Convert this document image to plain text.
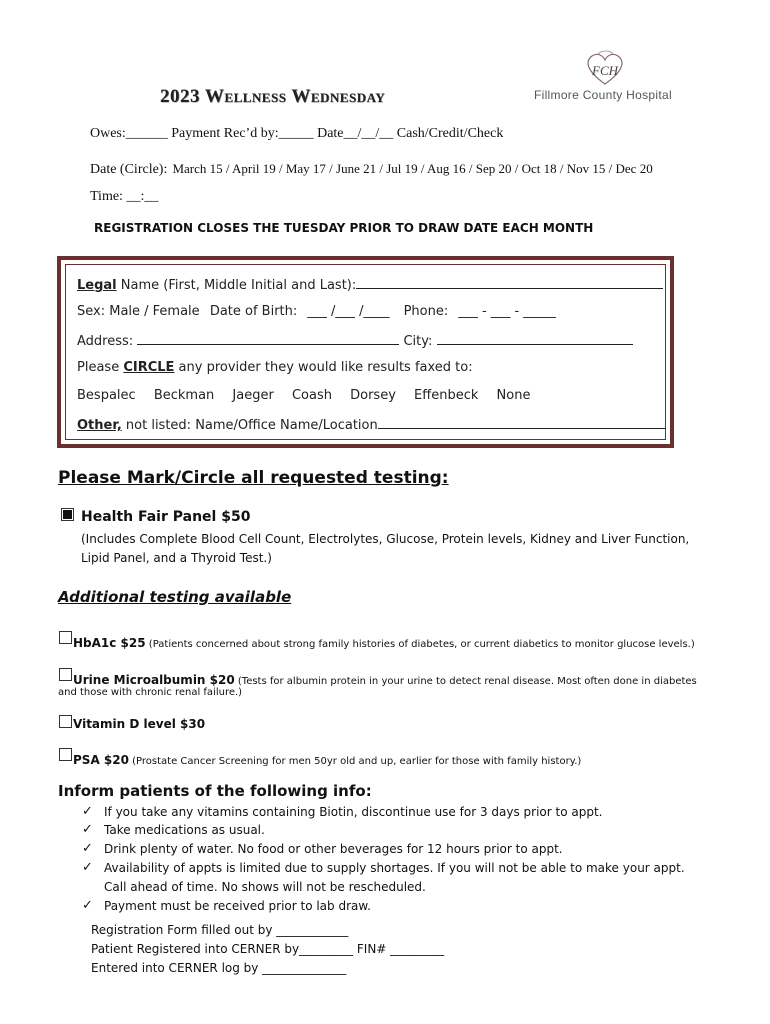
2023 Wellness Wednesday
FCH
Fillmore County Hospital
Owes:______ Payment Rec’d by:_____ Date__/__/__ Cash/Credit/Check
Date (Circle): March 15 / April 19 / May 17 / June 21 / Jul 19 / Aug 16 / Sep 20 / Oct 18 / Nov 15 / Dec 20
Time: __:__
REGISTRATION CLOSES THE TUESDAY PRIOR TO DRAW DATE EACH MONTH
Legal Name (First, Middle Initial and Last):
Sex: Male / Female Date of Birth: ___ /___ /____ Phone: ___ - ___ - _____
Address:	City:
Please CIRCLE any provider they would like results faxed to:
Bespalec Beckman Jaeger Coash Dorsey Effenbeck None
Other, not listed: Name/Office Name/Location
Please Mark/Circle all requested testing:
Health Fair Panel $50
(Includes Complete Blood Cell Count, Electrolytes, Glucose, Protein levels, Kidney and Liver Function,
Lipid Panel, and a Thyroid Test.)
Additional testing available
HbA1c $25 (Patients concerned about strong family histories of diabetes, or current diabetics to monitor glucose levels.)
Urine Microalbumin $20 (Tests for albumin protein in your urine to detect renal disease. Most often done in diabetes
and those with chronic renal failure.)
Vitamin D level $30
PSA $20 (Prostate Cancer Screening for men 50yr old and up, earlier for those with family history.)
Inform patients of the following info:
✓ If you take any vitamins containing Biotin, discontinue use for 3 days prior to appt.
✓ Take medications as usual.
✓ Drink plenty of water. No food or other beverages for 12 hours prior to appt.
✓ Availability of appts is limited due to supply shortages. If you will not be able to make your appt.
Call ahead of time. No shows will not be rescheduled.
✓ Payment must be received prior to lab draw.
Registration Form filled out by ____________
Patient Registered into CERNER by_________ FIN# _________
Entered into CERNER log by ______________
